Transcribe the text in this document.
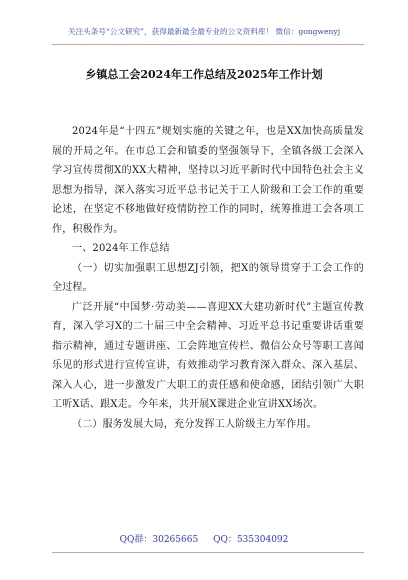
关注头条号“公文研究”，获得最新最全最专业的公文资料库！ 微信：gongwenyj
乡镇总工会2024年工作总结及2025年工作计划

2024年是“十四五”规划实施的关键之年，也是XX加快高质量发展的开局之年。在市总工会和镇委的坚强领导下，全镇各级工会深入学习宣传贯彻X的XX大精神，坚持以习近平新时代中国特色社会主义思想为指导，深入落实习近平总书记关于工人阶级和工会工作的重要论述，在坚定不移地做好疫情防控工作的同时，统筹推进工会各项工作，积极作为。

一、2024年工作总结

（一）切实加强职工思想ZJ引领，把X的领导贯穿于工会工作的全过程。

广泛开展“中国梦·劳动美——喜迎XX大建功新时代”主题宣传教育，深入学习X的二十届三中全会精神、习近平总书记重要讲话重要指示精神，通过专题讲座、工会阵地宣传栏、微信公众号等职工喜闻乐见的形式进行宣传宣讲，有效推动学习教育深入群众、深入基层、深入人心，进一步激发广大职工的责任感和使命感，团结引领广大职工听X话、跟X走。今年来，共开展X课进企业宣讲XX场次。

（二）服务发展大局，充分发挥工人阶级主力军作用。

QQ群：30265665 QQ：535304092
